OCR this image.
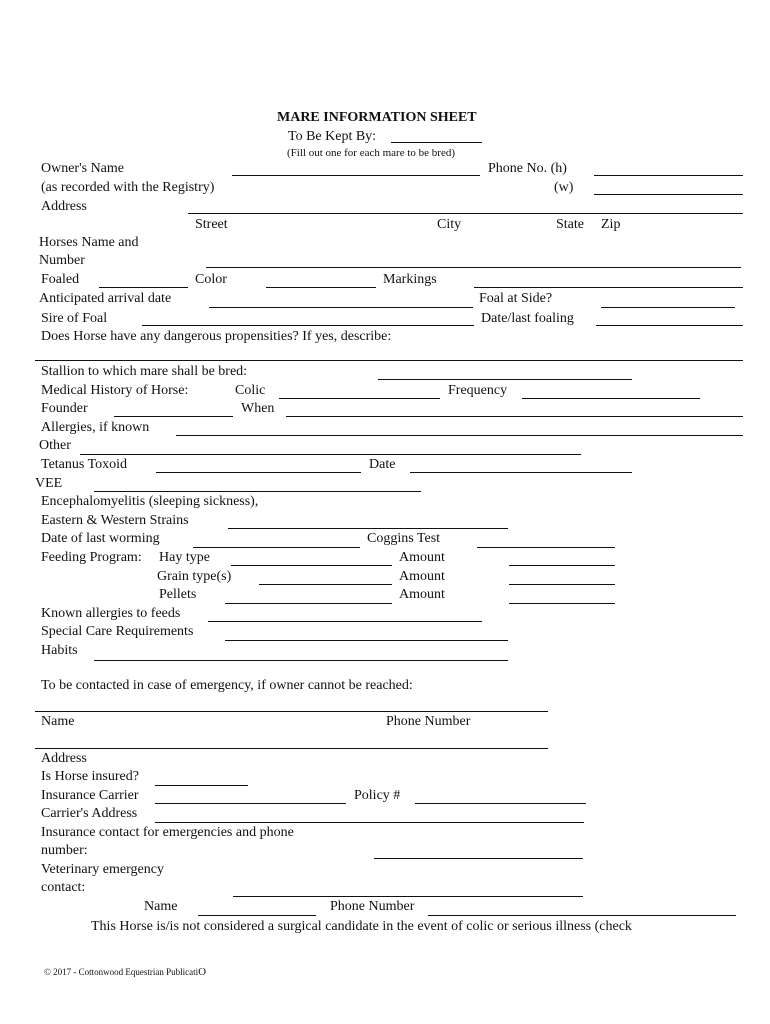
MARE INFORMATION SHEET
To Be Kept By:
(Fill out one for each mare to be bred)
Owner's Name	Phone No. (h)
(as recorded with the Registry)	(w)
Address
Street	City	State Zip
Horses Name and
Number
Foaled	Color	Markings
Anticipated arrival date	Foal at Side?
Sire of Foal	Date/last foaling
Does Horse have any dangerous propensities? If yes, describe:
Stallion to which mare shall be bred:
Medical History of Horse:	Colic	Frequency
Founder	When
Allergies, if known
Other
Tetanus Toxoid	Date
VEE
Encephalomyelitis (sleeping sickness),
Eastern & Western Strains
Date of last worming	Coggins Test
Feeding Program: Hay type	Amount
Grain type(s)	Amount
Pellets	Amount
Known allergies to feeds
Special Care Requirements
Habits
To be contacted in case of emergency, if owner cannot be reached:
Name	Phone Number
Address
Is Horse insured?
Insurance Carrier	Policy #
Carrier's Address
Insurance contact for emergencies and phone
number:
Veterinary emergency
contact:
Name	Phone Number
This Horse is/is not considered a surgical candidate in the event of colic or serious illness (check
© 2017 - Cottonwood Equestrian PublicatiO
